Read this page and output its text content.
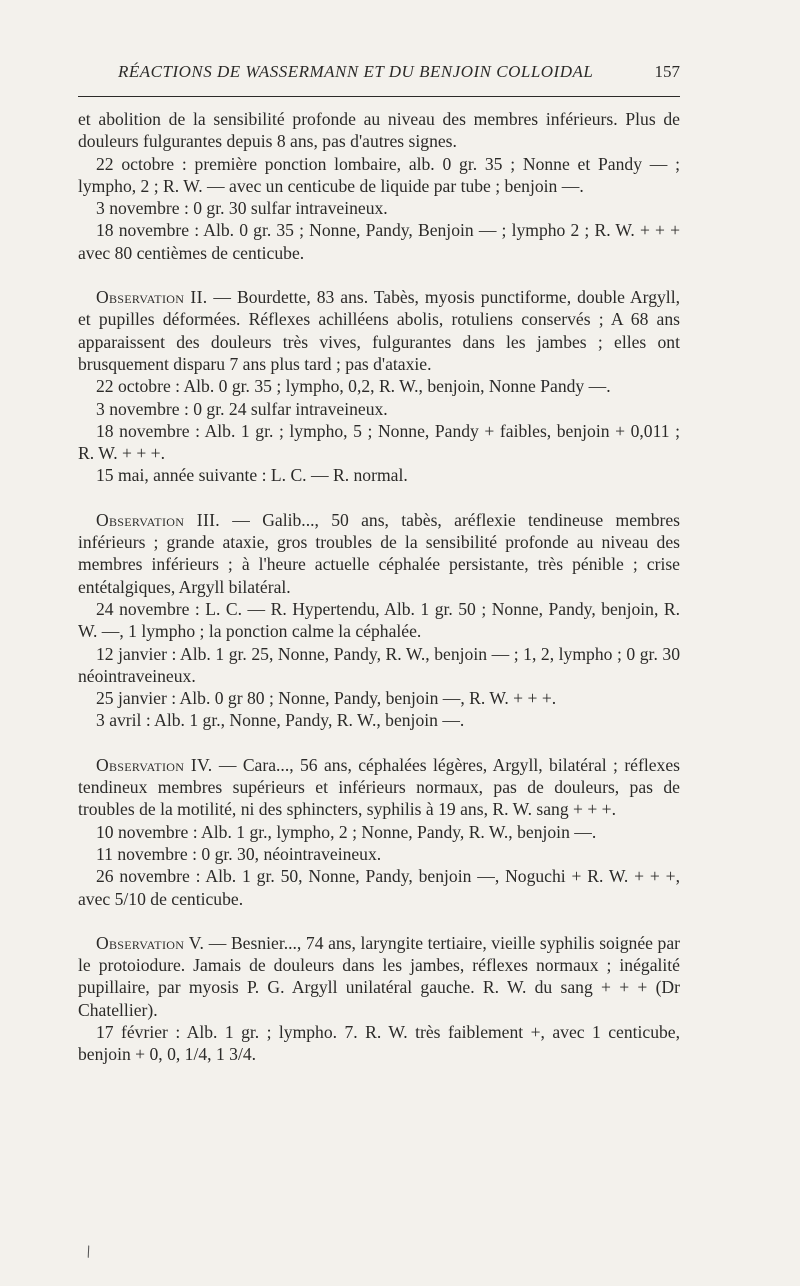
RÉACTIONS DE WASSERMANN ET DU BENJOIN COLLOIDAL	157

et abolition de la sensibilité profonde au niveau des membres inférieurs. Plus de douleurs fulgurantes depuis 8 ans, pas d'autres signes.

22 octobre : première ponction lombaire, alb. 0 gr. 35 ; Nonne et Pandy — ; lympho, 2 ; R. W. — avec un centicube de liquide par tube ; benjoin —.

3 novembre : 0 gr. 30 sulfar intraveineux.

18 novembre : Alb. 0 gr. 35 ; Nonne, Pandy, Benjoin — ; lympho 2 ; R. W. + + + avec 80 centièmes de centicube.

Observation II. — Bourdette, 83 ans. Tabès, myosis punctiforme, double Argyll, et pupilles déformées. Réflexes achilléens abolis, rotuliens conservés ; A 68 ans apparaissent des douleurs très vives, fulgurantes dans les jambes ; elles ont brusquement disparu 7 ans plus tard ; pas d'ataxie.

22 octobre : Alb. 0 gr. 35 ; lympho, 0,2, R. W., benjoin, Nonne Pandy —.

3 novembre : 0 gr. 24 sulfar intraveineux.

18 novembre : Alb. 1 gr. ; lympho, 5 ; Nonne, Pandy + faibles, benjoin + 0,011 ; R. W. + + +.

15 mai, année suivante : L. C. — R. normal.

Observation III. — Galib..., 50 ans, tabès, aréflexie tendineuse membres inférieurs ; grande ataxie, gros troubles de la sensibilité profonde au niveau des membres inférieurs ; à l'heure actuelle céphalée persistante, très pénible ; crise entétalgiques, Argyll bilatéral.

24 novembre : L. C. — R. Hypertendu, Alb. 1 gr. 50 ; Nonne, Pandy, benjoin, R. W. —, 1 lympho ; la ponction calme la céphalée.

12 janvier : Alb. 1 gr. 25, Nonne, Pandy, R. W., benjoin — ; 1, 2, lympho ; 0 gr. 30 néointraveineux.

25 janvier : Alb. 0 gr 80 ; Nonne, Pandy, benjoin —, R. W. + + +.

3 avril : Alb. 1 gr., Nonne, Pandy, R. W., benjoin —.

Observation IV. — Cara..., 56 ans, céphalées légères, Argyll, bilatéral ; réflexes tendineux membres supérieurs et inférieurs normaux, pas de douleurs, pas de troubles de la motilité, ni des sphincters, syphilis à 19 ans, R. W. sang + + +.

10 novembre : Alb. 1 gr., lympho, 2 ; Nonne, Pandy, R. W., benjoin —.

11 novembre : 0 gr. 30, néointraveineux.

26 novembre : Alb. 1 gr. 50, Nonne, Pandy, benjoin —, Noguchi + R. W. + + +, avec 5/10 de centicube.

Observation V. — Besnier..., 74 ans, laryngite tertiaire, vieille syphilis soignée par le protoiodure. Jamais de douleurs dans les jambes, réflexes normaux ; inégalité pupillaire, par myosis P. G. Argyll unilatéral gauche. R. W. du sang + + + (Dr Chatellier).

17 février : Alb. 1 gr. ; lympho. 7. R. W. très faiblement +, avec 1 centicube, benjoin + 0, 0, 1/4, 1 3/4.

\
